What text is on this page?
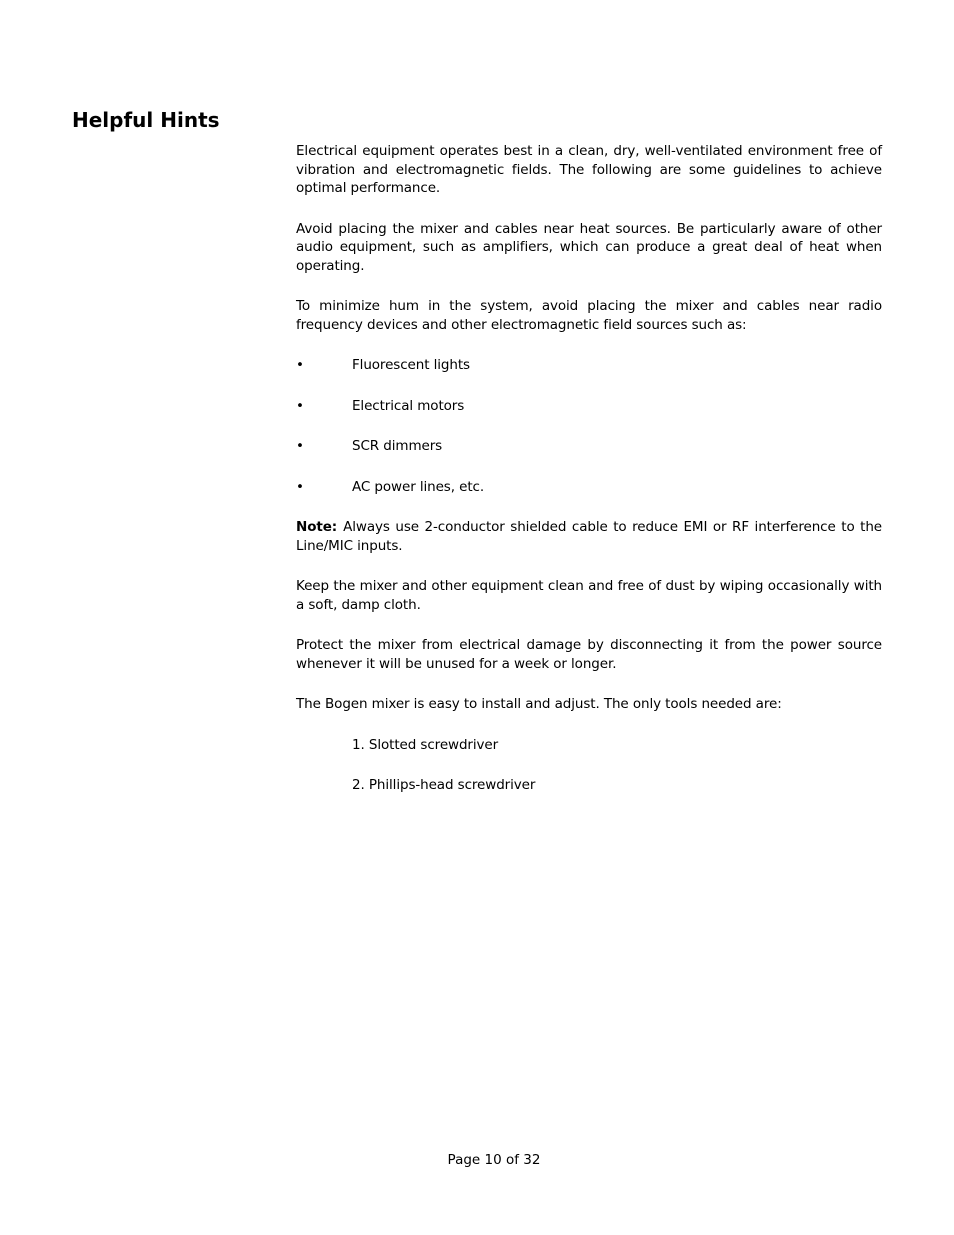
Helpful Hints

Electrical equipment operates best in a clean, dry, well-ventilated environment free of vibration and electromagnetic fields. The following are some guidelines to achieve optimal performance.

Avoid placing the mixer and cables near heat sources. Be particularly aware of other audio equipment, such as amplifiers, which can produce a great deal of heat when operating.

To minimize hum in the system, avoid placing the mixer and cables near radio frequency devices and other electromagnetic field sources such as:

•	Fluorescent lights
•	Electrical motors
•	SCR dimmers
•	AC power lines, etc.

Note: Always use 2-conductor shielded cable to reduce EMI or RF interference to the Line/MIC inputs.

Keep the mixer and other equipment clean and free of dust by wiping occasionally with a soft, damp cloth.

Protect the mixer from electrical damage by disconnecting it from the power source whenever it will be unused for a week or longer.

The Bogen mixer is easy to install and adjust. The only tools needed are:

1. Slotted screwdriver
2. Phillips-head screwdriver
Page 10 of 32
